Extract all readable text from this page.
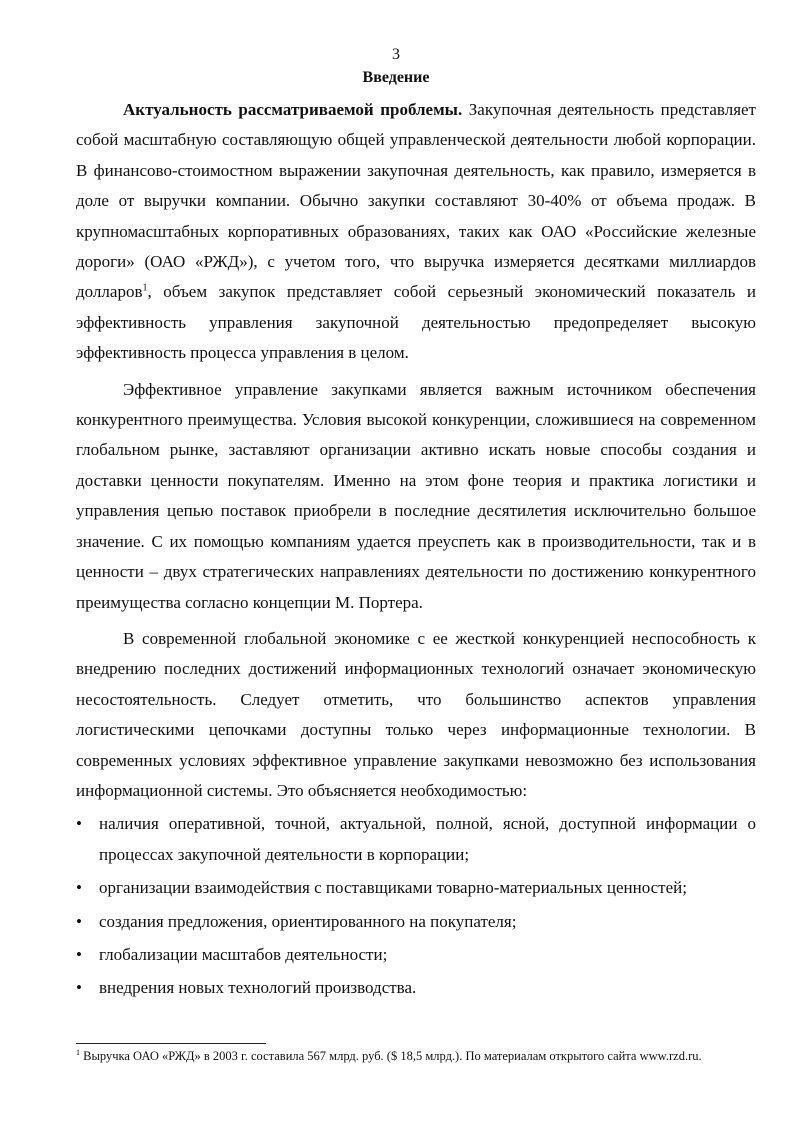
3
Введение

Актуальность рассматриваемой проблемы. Закупочная деятельность представляет собой масштабную составляющую общей управленческой деятельности любой корпорации. В финансово-стоимостном выражении закупочная деятельность, как правило, измеряется в доле от выручки компании. Обычно закупки составляют 30-40% от объема продаж. В крупномасштабных корпоративных образованиях, таких как ОАО «Российские железные дороги» (ОАО «РЖД»), с учетом того, что выручка измеряется десятками миллиардов долларов$^1$, объем закупок представляет собой серьезный экономический показатель и эффективность управления закупочной деятельностью предопределяет высокую эффективность процесса управления в целом.

Эффективное управление закупками является важным источником обеспечения конкурентного преимущества. Условия высокой конкуренции, сложившиеся на современном глобальном рынке, заставляют организации активно искать новые способы создания и доставки ценности покупателям. Именно на этом фоне теория и практика логистики и управления цепью поставок приобрели в последние десятилетия исключительно большое значение. С их помощью компаниям удается преуспеть как в производительности, так и в ценности – двух стратегических направлениях деятельности по достижению конкурентного преимущества согласно концепции М. Портера.

В современной глобальной экономике с ее жесткой конкуренцией неспособность к внедрению последних достижений информационных технологий означает экономическую несостоятельность. Следует отметить, что большинство аспектов управления логистическими цепочками доступны только через информационные технологии. В современных условиях эффективное управление закупками невозможно без использования информационной системы. Это объясняется необходимостью:

• наличия оперативной, точной, актуальной, полной, ясной, доступной информации о процессах закупочной деятельности в корпорации;
• организации взаимодействия с поставщиками товарно-материальных ценностей;
• создания предложения, ориентированного на покупателя;
• глобализации масштабов деятельности;
• внедрения новых технологий производства.
$^1$ Выручка ОАО «РЖД» в 2003 г. составила 567 млрд. руб. ($ 18,5 млрд.). По материалам открытого сайта www.rzd.ru.
